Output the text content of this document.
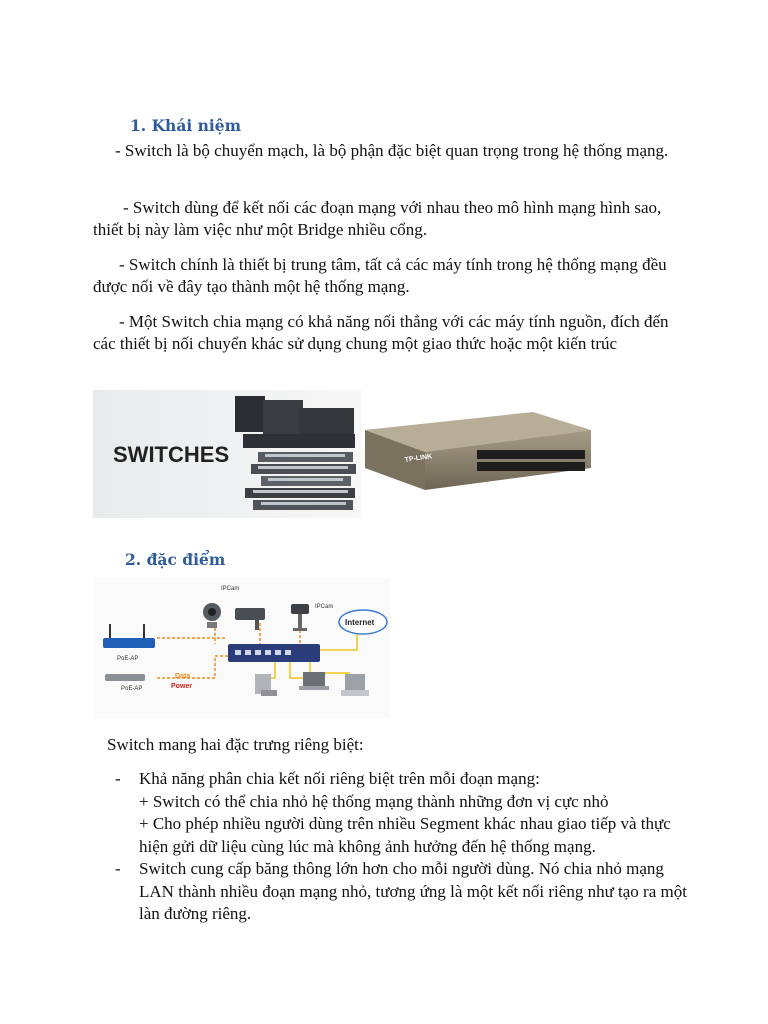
1. Khái niệm
- Switch là bộ chuyển mạch, là bộ phận đặc biệt quan trọng trong hệ thống mạng.
- Switch dùng để kết nối các đoạn mạng với nhau theo mô hình mạng hình sao, thiết bị này làm việc như một Bridge nhiều cổng.
- Switch chính là thiết bị trung tâm, tất cả các máy tính trong hệ thống mạng đều được nối về đây tạo thành một hệ thống mạng.
- Một Switch chia mạng có khả năng nối thẳng với các máy tính nguồn, đích đến các thiết bị nối chuyển khác sử dụng chung một giao thức hoặc một kiến trúc
SWITCHES	TP-LINK
2. đặc điểm
IPCam
IPCam
Internet
PoE-AP
PoE-AP
Data
Power
Switch mang hai đặc trưng riêng biệt:
- Khả năng phân chia kết nối riêng biệt trên mỗi đoạn mạng:
+ Switch có thể chia nhỏ hệ thống mạng thành những đơn vị cực nhỏ
+ Cho phép nhiều người dùng trên nhiều Segment khác nhau giao tiếp và thực hiện gửi dữ liệu cùng lúc mà không ảnh hưởng đến hệ thống mạng.
- Switch cung cấp băng thông lớn hơn cho mỗi người dùng. Nó chia nhỏ mạng LAN thành nhiều đoạn mạng nhỏ, tương ứng là một kết nối riêng như tạo ra một làn đường riêng.
